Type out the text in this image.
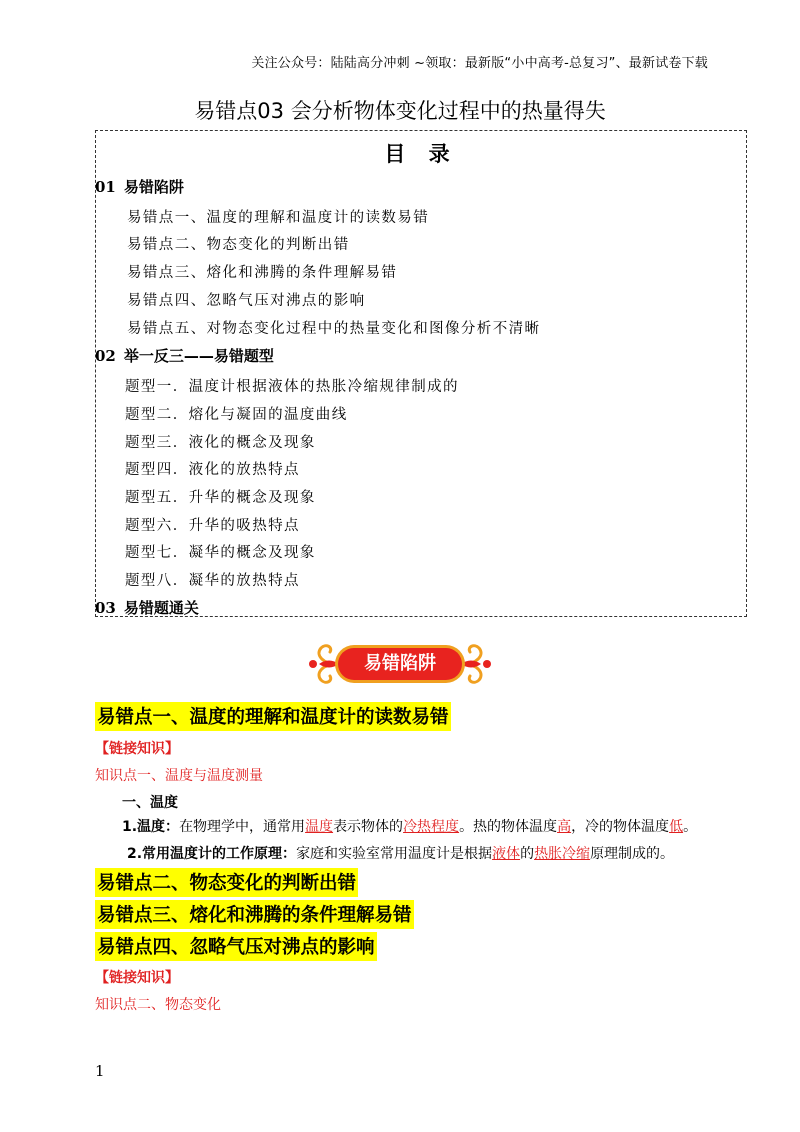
关注公众号：陆陆高分冲刺 ~领取：最新版“小中高考-总复习”、最新试卷下载
易错点03 会分析物体变化过程中的热量得失
目 录
01 易错陷阱
易错点一、温度的理解和温度计的读数易错
易错点二、物态变化的判断出错
易错点三、熔化和沸腾的条件理解易错
易错点四、忽略气压对沸点的影响
易错点五、对物态变化过程中的热量变化和图像分析不清晰
02 举一反三——易错题型
题型一．温度计根据液体的热胀冷缩规律制成的
题型二．熔化与凝固的温度曲线
题型三．液化的概念及现象
题型四．液化的放热特点
题型五．升华的概念及现象
题型六．升华的吸热特点
题型七．凝华的概念及现象
题型八．凝华的放热特点
03 易错题通关
易错陷阱
易错点一、温度的理解和温度计的读数易错
【链接知识】
知识点一、温度与温度测量
一、温度
1.温度：在物理学中，通常用温度表示物体的冷热程度。热的物体温度高，冷的物体温度低。
2.常用温度计的工作原理：家庭和实验室常用温度计是根据液体的热胀冷缩原理制成的。
易错点二、物态变化的判断出错
易错点三、熔化和沸腾的条件理解易错
易错点四、忽略气压对沸点的影响
【链接知识】
知识点二、物态变化
1
